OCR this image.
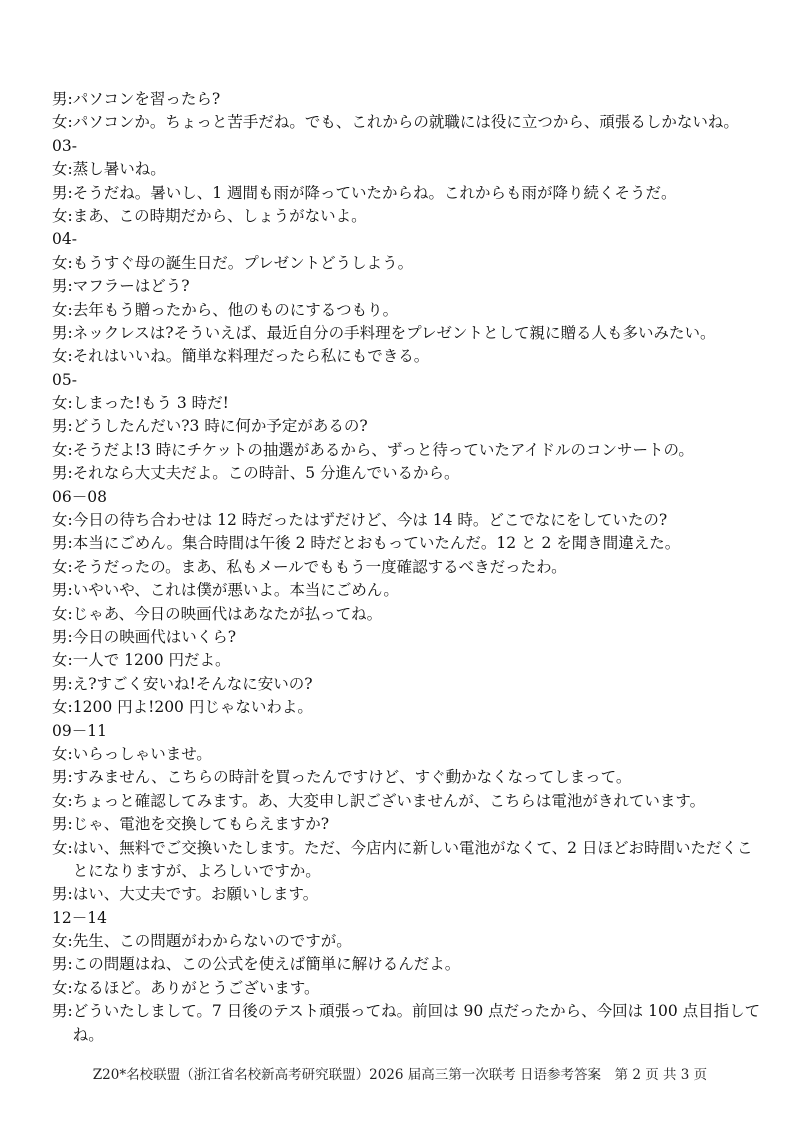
男:パソコンを習ったら?
女:パソコンか。ちょっと苦手だね。でも、これからの就職には役に立つから、頑張るしかないね。
03-
女:蒸し暑いね。
男:そうだね。暑いし、1 週間も雨が降っていたからね。これからも雨が降り続くそうだ。
女:まあ、この時期だから、しょうがないよ。
04-
女:もうすぐ母の誕生日だ。プレゼントどうしよう。
男:マフラーはどう?
女:去年もう贈ったから、他のものにするつもり。
男:ネックレスは?そういえば、最近自分の手料理をプレゼントとして親に贈る人も多いみたい。
女:それはいいね。簡単な料理だったら私にもできる。
05-
女:しまった!もう 3 時だ!
男:どうしたんだい?3 時に何か予定があるの?
女:そうだよ!3 時にチケットの抽選があるから、ずっと待っていたアイドルのコンサートの。
男:それなら大丈夫だよ。この時計、5 分進んでいるから。
06－08
女:今日の待ち合わせは 12 時だったはずだけど、今は 14 時。どこでなにをしていたの?
男:本当にごめん。集合時間は午後 2 時だとおもっていたんだ。12 と 2 を聞き間違えた。
女:そうだったの。まあ、私もメールでももう一度確認するべきだったわ。
男:いやいや、これは僕が悪いよ。本当にごめん。
女:じゃあ、今日の映画代はあなたが払ってね。
男:今日の映画代はいくら?
女:一人で 1200 円だよ。
男:え?すごく安いね!そんなに安いの?
女:1200 円よ!200 円じゃないわよ。
09－11
女:いらっしゃいませ。
男:すみません、こちらの時計を買ったんですけど、すぐ動かなくなってしまって。
女:ちょっと確認してみます。あ、大変申し訳ございませんが、こちらは電池がきれています。
男:じゃ、電池を交換してもらえますか?
女: はい、無料でご交換いたします。ただ、今店内に新しい電池がなくて、2 日ほどお時間いただくことになりますが、よろしいですか。
男:はい、大丈夫です。お願いします。
12－14
女:先生、この問題がわからないのですが。
男:この問題はね、この公式を使えば簡単に解けるんだよ。
女:なるほど。ありがとうございます。
男: どういたしまして。7 日後のテスト頑張ってね。前回は 90 点だったから、今回は 100 点目指してね。
Z20*名校联盟（浙江省名校新高考研究联盟）2026 届高三第一次联考 日语参考答案　第 2 页 共 3 页
